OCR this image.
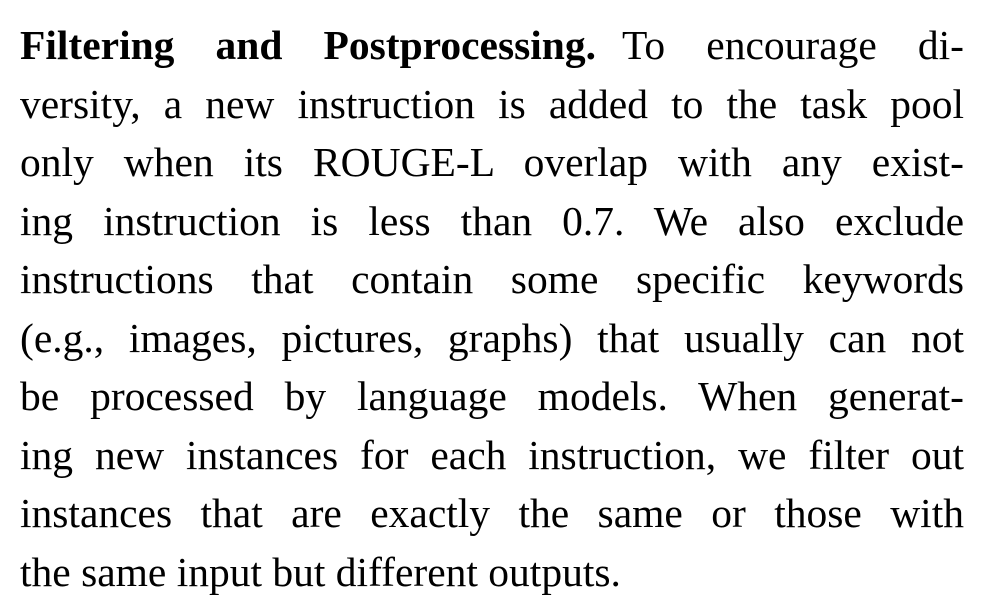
Filtering and Postprocessing. To encourage di-
versity, a new instruction is added to the task pool
only when its ROUGE-L overlap with any exist-
ing instruction is less than 0.7. We also exclude
instructions that contain some specific keywords
(e.g., images, pictures, graphs) that usually can not
be processed by language models. When generat-
ing new instances for each instruction, we filter out
instances that are exactly the same or those with
the same input but different outputs.
